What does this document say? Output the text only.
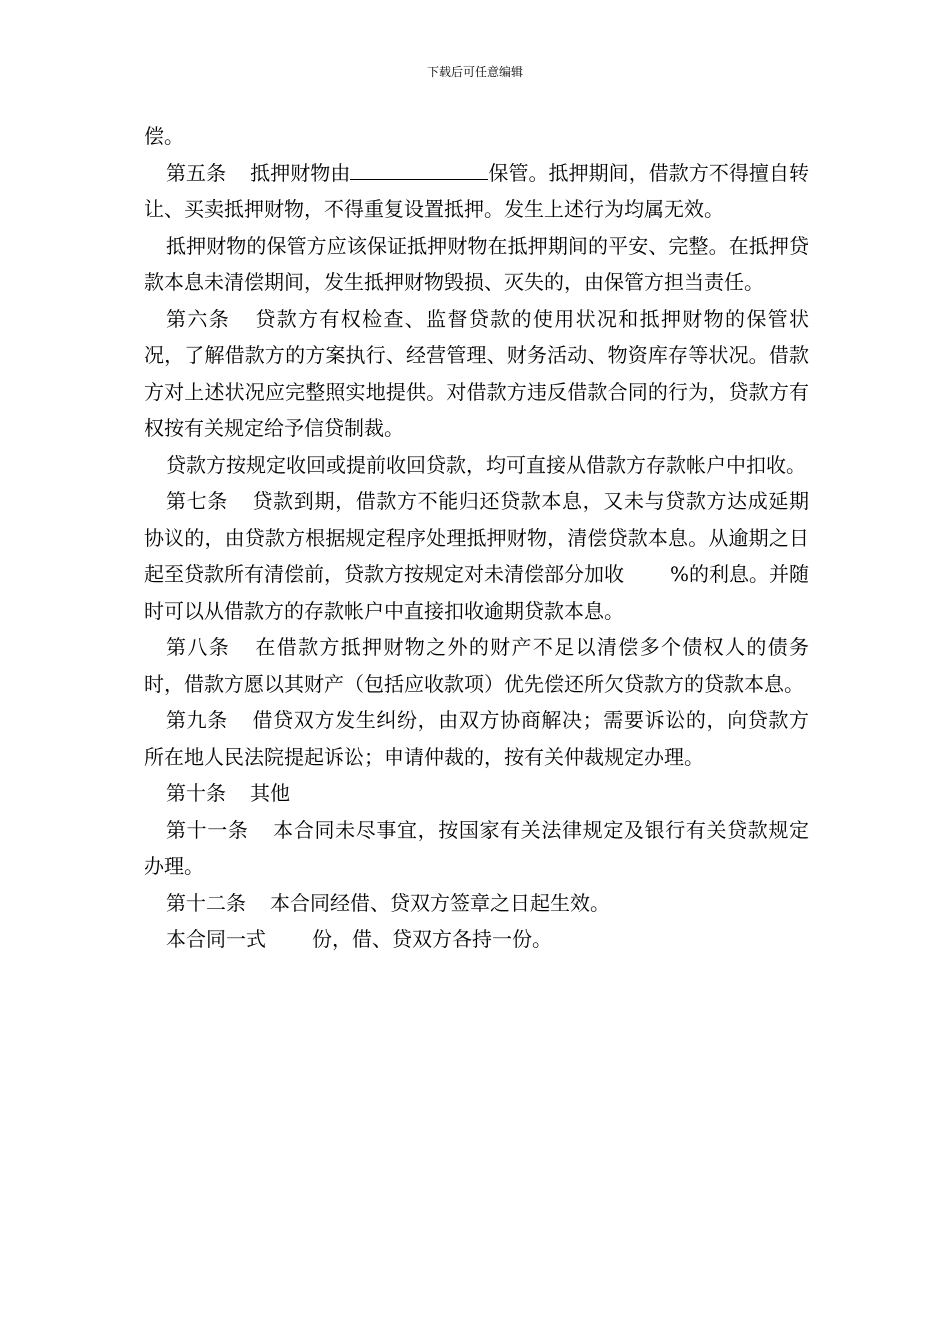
下载后可任意编辑

偿。

第五条 抵押财物由	保管。抵押期间，借款方不得擅自转让、买卖抵押财物，不得重复设置抵押。发生上述行为均属无效。

抵押财物的保管方应该保证抵押财物在抵押期间的平安、完整。在抵押贷款本息未清偿期间，发生抵押财物毁损、灭失的，由保管方担当责任。

第六条 贷款方有权检查、监督贷款的使用状况和抵押财物的保管状况，了解借款方的方案执行、经营管理、财务活动、物资库存等状况。借款方对上述状况应完整照实地提供。对借款方违反借款合同的行为，贷款方有权按有关规定给予信贷制裁。

贷款方按规定收回或提前收回贷款，均可直接从借款方存款帐户中扣收。

第七条 贷款到期，借款方不能归还贷款本息，又未与贷款方达成延期协议的，由贷款方根据规定程序处理抵押财物，清偿贷款本息。从逾期之日起至贷款所有清偿前，贷款方按规定对未清偿部分加收 %的利息。并随时可以从借款方的存款帐户中直接扣收逾期贷款本息。

第八条 在借款方抵押财物之外的财产不足以清偿多个债权人的债务时，借款方愿以其财产（包括应收款项）优先偿还所欠贷款方的贷款本息。

第九条 借贷双方发生纠纷，由双方协商解决；需要诉讼的，向贷款方所在地人民法院提起诉讼；申请仲裁的，按有关仲裁规定办理。

第十条 其他

第十一条 本合同未尽事宜，按国家有关法律规定及银行有关贷款规定办理。

第十二条 本合同经借、贷双方签章之日起生效。

本合同一式 份，借、贷双方各持一份。
